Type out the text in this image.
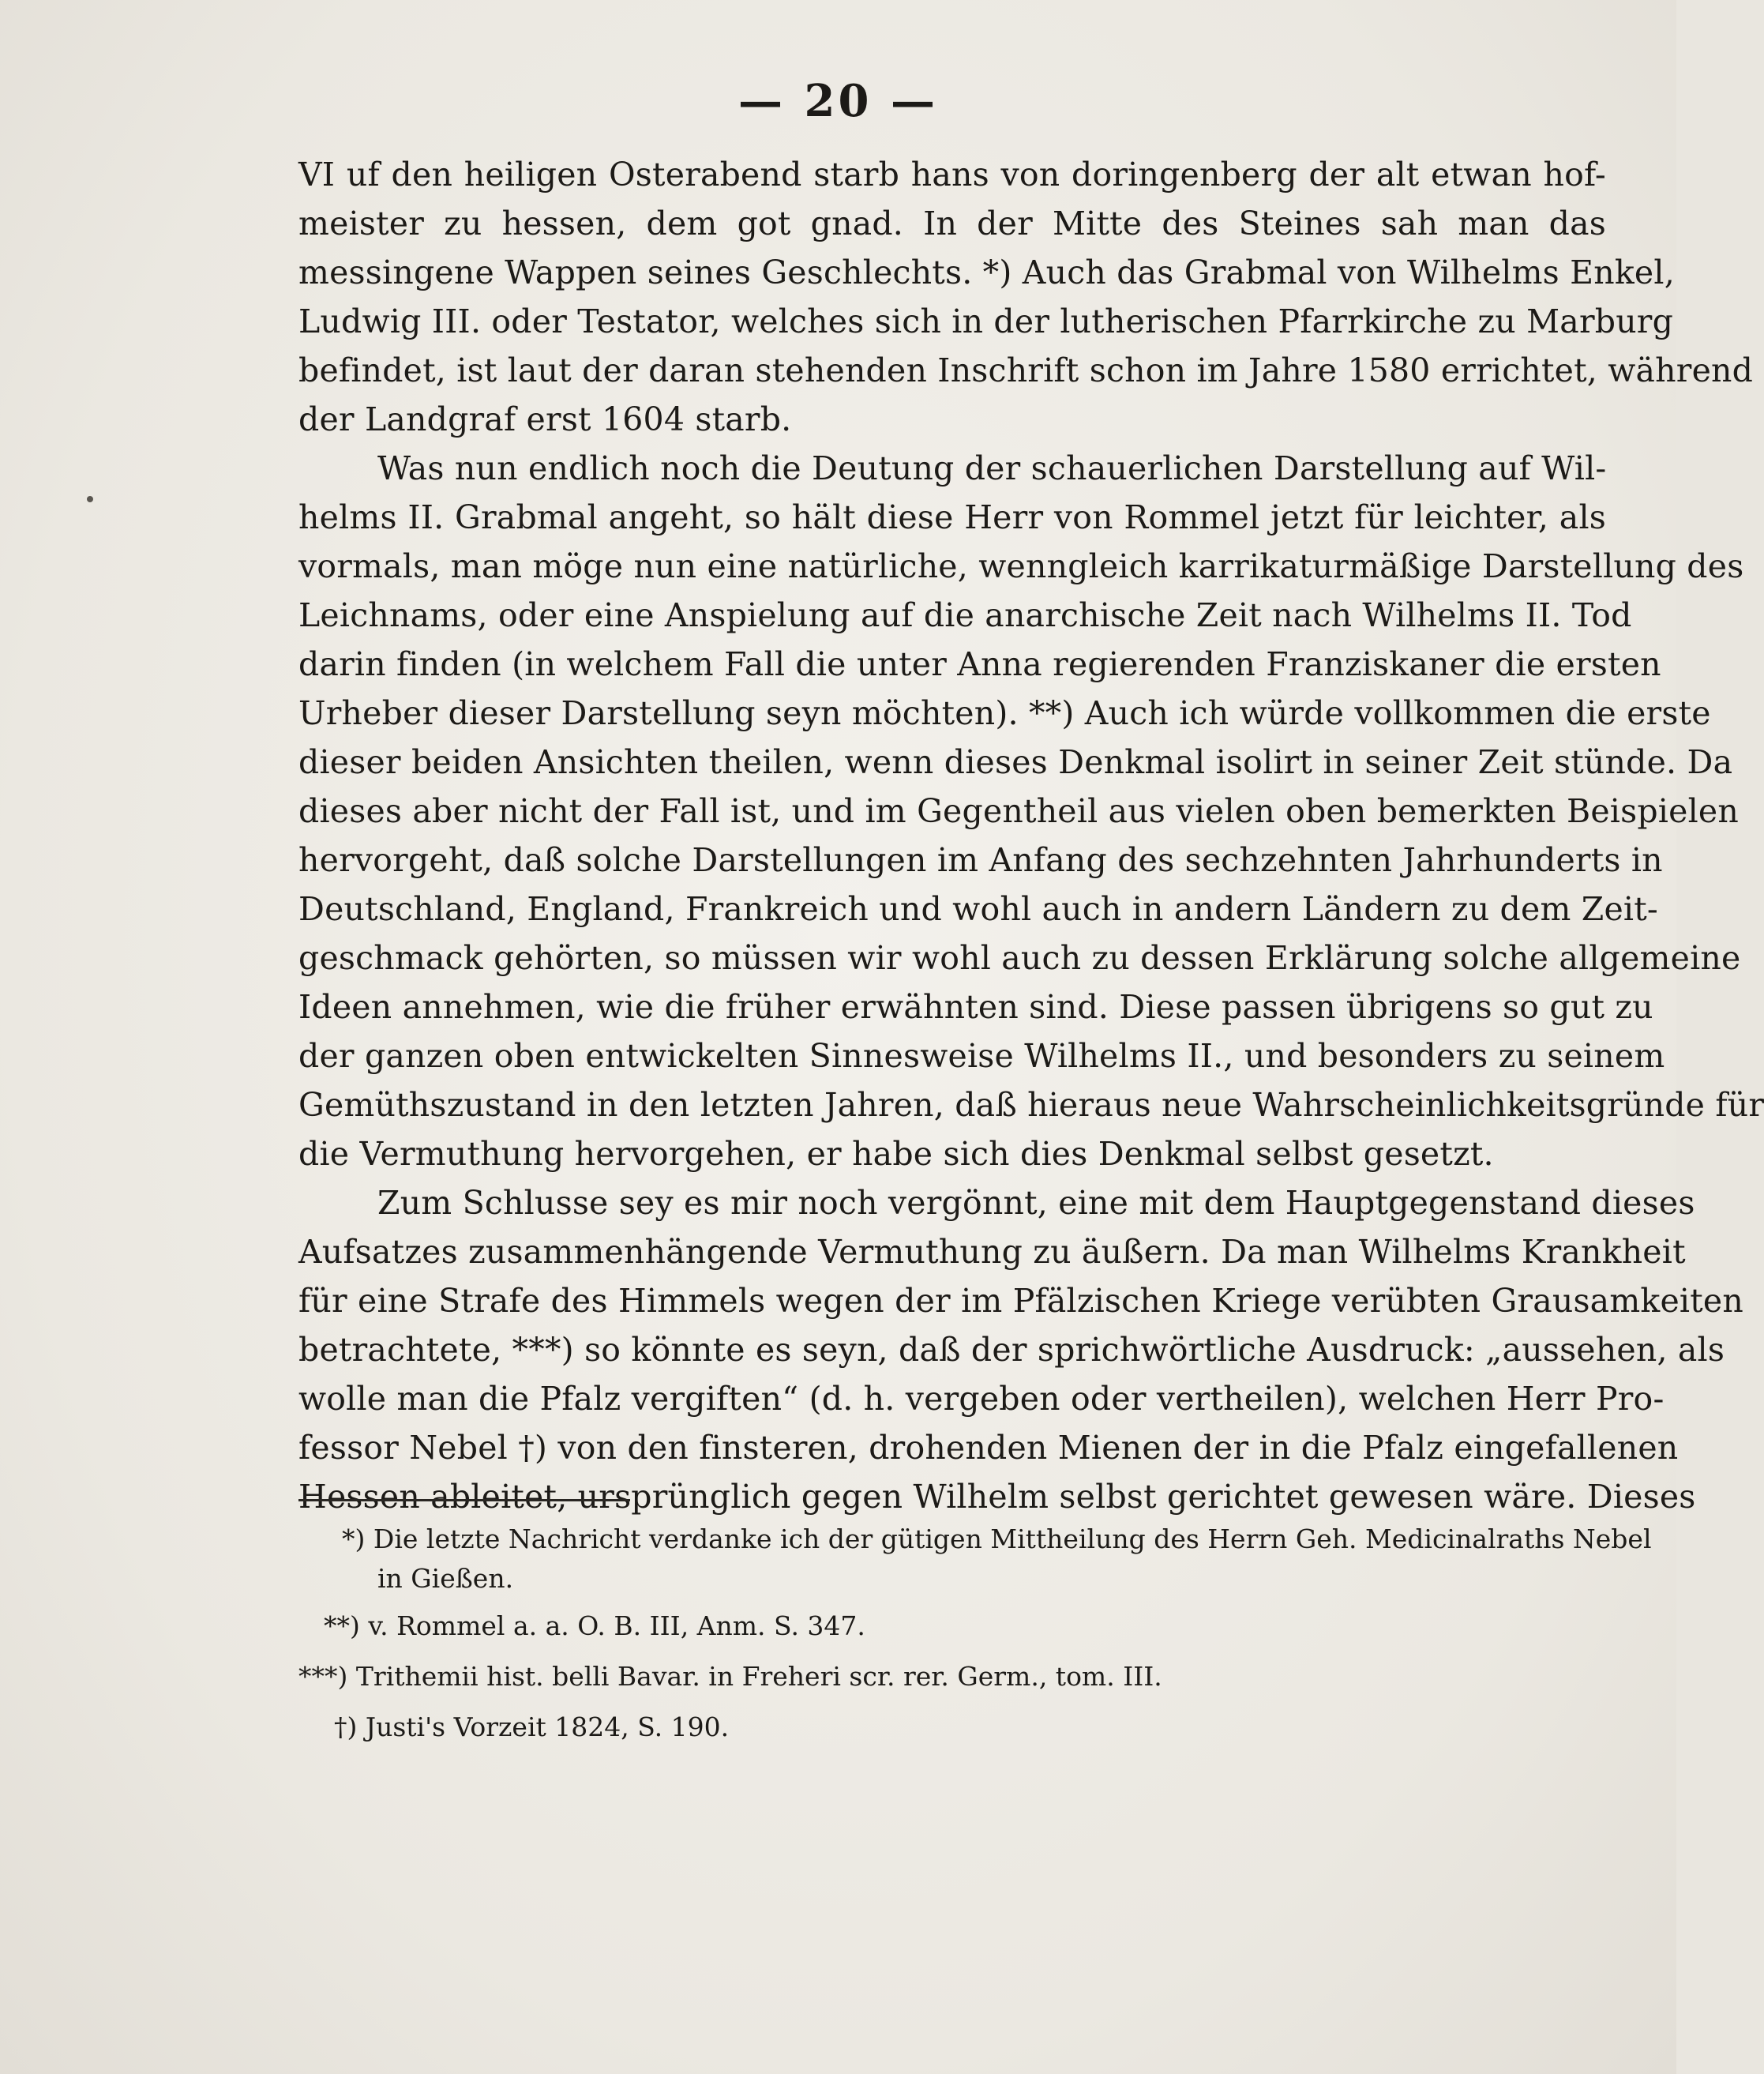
— 20 —
VI uf den heiligen Osterabend starb hans von doringenberg der alt etwan hof-
meister zu hessen, dem got gnad. In der Mitte des Steines sah man das
messingene Wappen seines Geschlechts. *) Auch das Grabmal von Wilhelms Enkel,
Ludwig III. oder Testator, welches sich in der lutherischen Pfarrkirche zu Marburg
befindet, ist laut der daran stehenden Inschrift schon im Jahre 1580 errichtet, während
der Landgraf erst 1604 starb.
Was nun endlich noch die Deutung der schauerlichen Darstellung auf Wil-
helms II. Grabmal angeht, so hält diese Herr von Rommel jetzt für leichter, als
vormals, man möge nun eine natürliche, wenngleich karrikaturmäßige Darstellung des
Leichnams, oder eine Anspielung auf die anarchische Zeit nach Wilhelms II. Tod
darin finden (in welchem Fall die unter Anna regierenden Franziskaner die ersten
Urheber dieser Darstellung seyn möchten). **) Auch ich würde vollkommen die erste
dieser beiden Ansichten theilen, wenn dieses Denkmal isolirt in seiner Zeit stünde. Da
dieses aber nicht der Fall ist, und im Gegentheil aus vielen oben bemerkten Beispielen
hervorgeht, daß solche Darstellungen im Anfang des sechzehnten Jahrhunderts in
Deutschland, England, Frankreich und wohl auch in andern Ländern zu dem Zeit-
geschmack gehörten, so müssen wir wohl auch zu dessen Erklärung solche allgemeine
Ideen annehmen, wie die früher erwähnten sind. Diese passen übrigens so gut zu
der ganzen oben entwickelten Sinnesweise Wilhelms II., und besonders zu seinem
Gemüthszustand in den letzten Jahren, daß hieraus neue Wahrscheinlichkeitsgründe für
die Vermuthung hervorgehen, er habe sich dies Denkmal selbst gesetzt.
Zum Schlusse sey es mir noch vergönnt, eine mit dem Hauptgegenstand dieses
Aufsatzes zusammenhängende Vermuthung zu äußern. Da man Wilhelms Krankheit
für eine Strafe des Himmels wegen der im Pfälzischen Kriege verübten Grausamkeiten
betrachtete, ***) so könnte es seyn, daß der sprichwörtliche Ausdruck: „aussehen, als
wolle man die Pfalz vergiften“ (d. h. vergeben oder vertheilen), welchen Herr Pro-
fessor Nebel †) von den finsteren, drohenden Mienen der in die Pfalz eingefallenen
Hessen ableitet, ursprünglich gegen Wilhelm selbst gerichtet gewesen wäre. Dieses
*) Die letzte Nachricht verdanke ich der gütigen Mittheilung des Herrn Geh. Medicinalraths Nebel
in Gießen.
**) v. Rommel a. a. O. B. III, Anm. S. 347.
***) Trithemii hist. belli Bavar. in Freheri scr. rer. Germ., tom. III.
†) Justi's Vorzeit 1824, S. 190.
